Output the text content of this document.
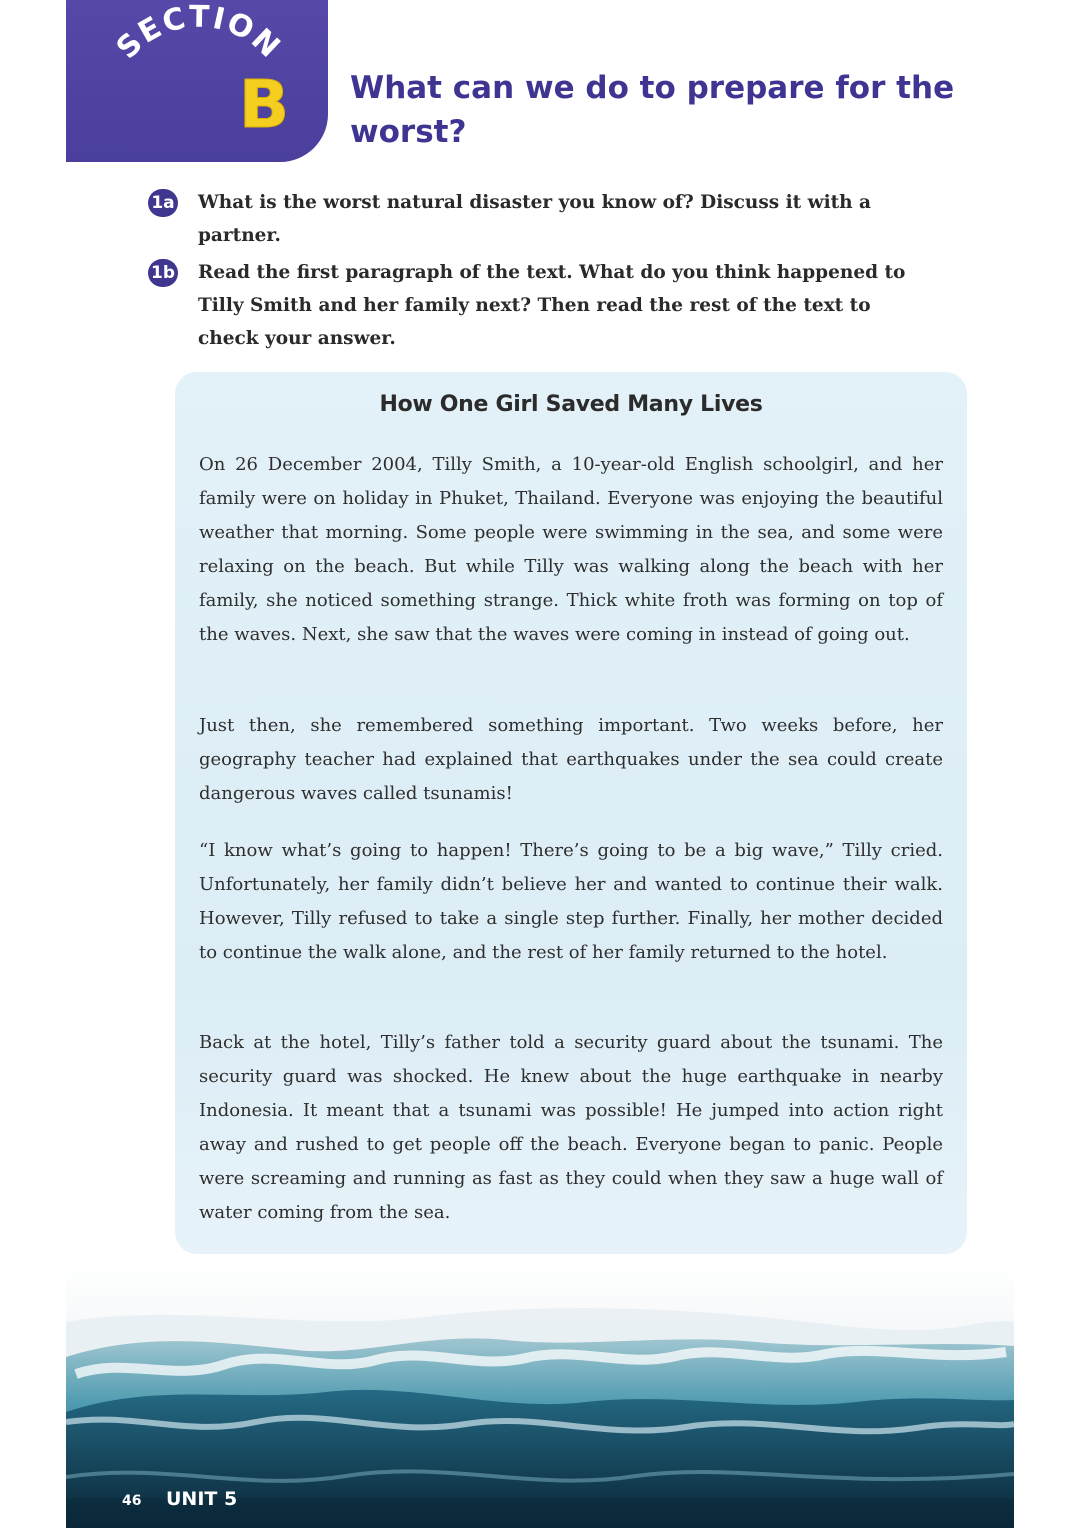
SECTION
B What can we do to prepare for the worst?
1a What is the worst natural disaster you know of? Discuss it with a partner.
1b Read the first paragraph of the text. What do you think happened to Tilly Smith and her family next? Then read the rest of the text to check your answer.
How One Girl Saved Many Lives

On 26 December 2004, Tilly Smith, a 10-year-old English schoolgirl, and her family were on holiday in Phuket, Thailand. Everyone was enjoying the beautiful weather that morning. Some people were swimming in the sea, and some were relaxing on the beach. But while Tilly was walking along the beach with her family, she noticed something strange. Thick white froth was forming on top of the waves. Next, she saw that the waves were coming in instead of going out.

Just then, she remembered something important. Two weeks before, her geography teacher had explained that earthquakes under the sea could create dangerous waves called tsunamis!

“I know what’s going to happen! There’s going to be a big wave,” Tilly cried. Unfortunately, her family didn’t believe her and wanted to continue their walk. However, Tilly refused to take a single step further. Finally, her mother decided to continue the walk alone, and the rest of her family returned to the hotel.

Back at the hotel, Tilly’s father told a security guard about the tsunami. The security guard was shocked. He knew about the huge earthquake in nearby Indonesia. It meant that a tsunami was possible! He jumped into action right away and rushed to get people off the beach. Everyone began to panic. People were screaming and running as fast as they could when they saw a huge wall of water coming from the sea.

46 UNIT 5
